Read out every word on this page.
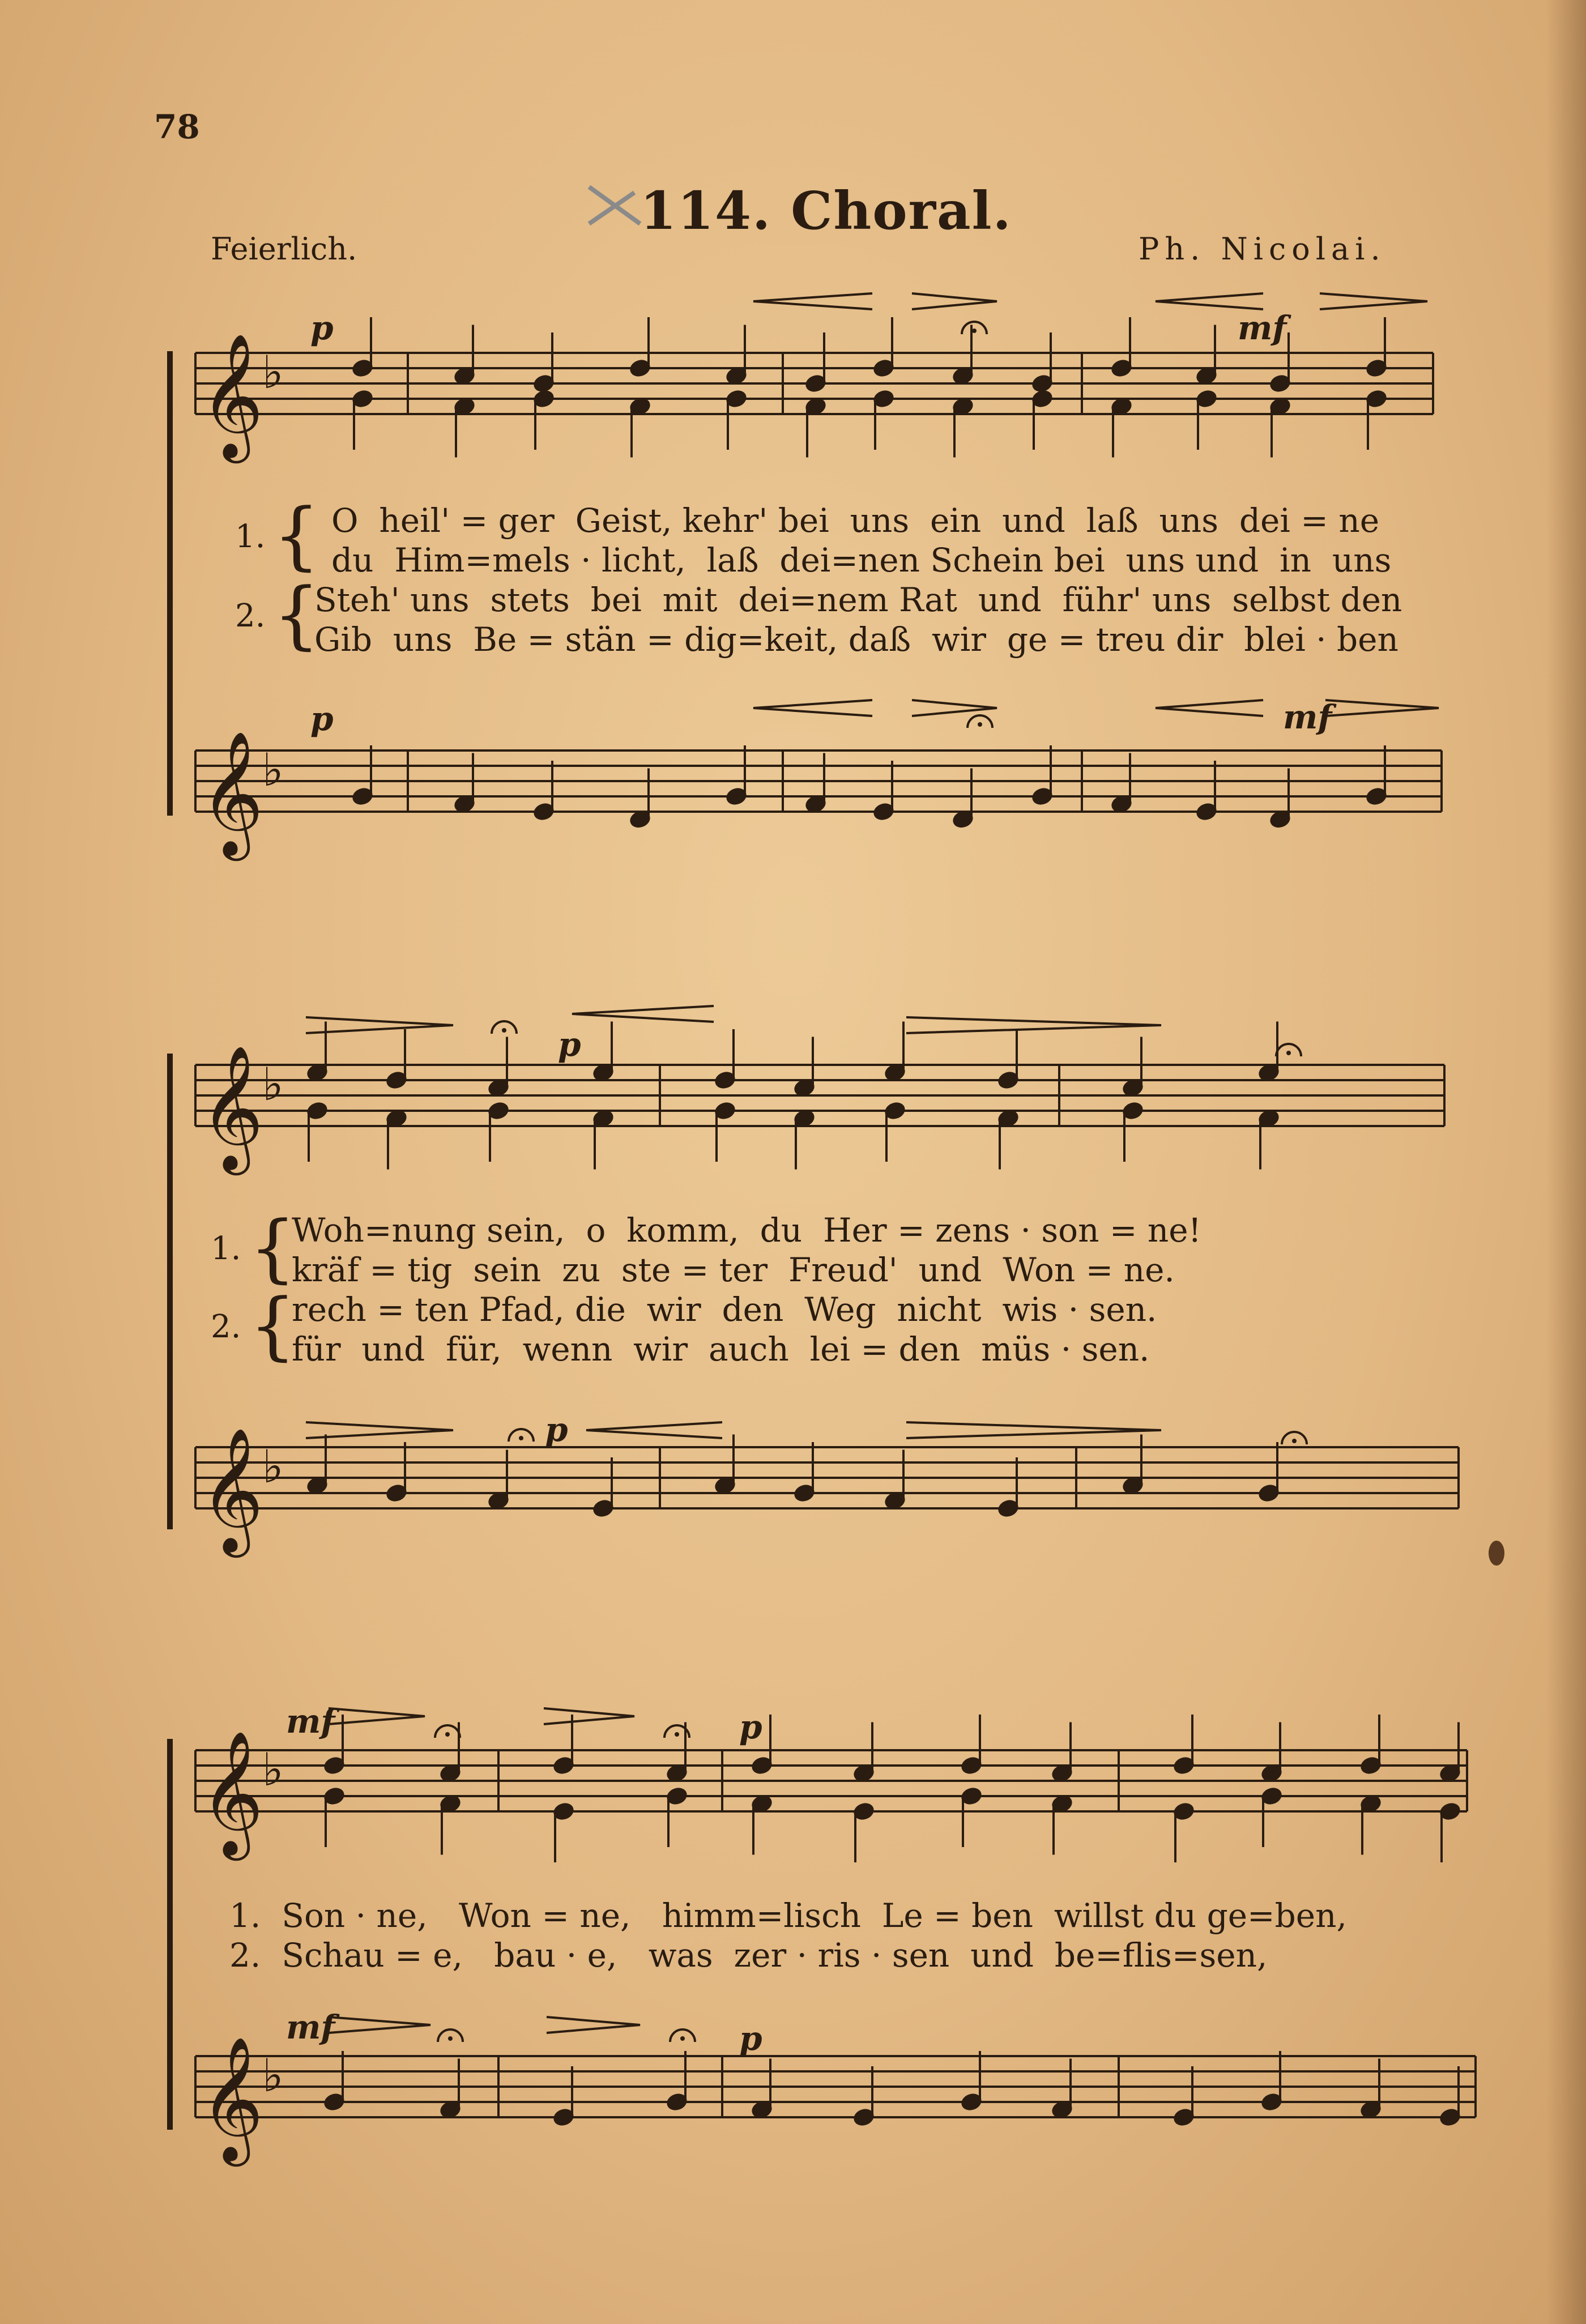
78
114. Choral.
Feierlich.	Ph. Nicolai.
𝄞
♭
𝄞
♭
𝄞
♭
𝄞
♭
𝄞
♭
𝄞
♭
1. { O  heil' = ger  Geist, kehr' bei  uns  ein  und  laß  uns  dei = ne
du  Him=mels · licht,  laß  dei=nen Schein bei  uns und  in  uns
2. {
Steh' uns  stets  bei  mit  dei=nem Rat  und  führ' uns  selbst den
Gib  uns  Be = stän = dig=keit, daß  wir  ge = treu dir  blei · ben
p	mf
p	mf
1. {
Woh=nung sein,  o  komm,  du  Her = zens · son = ne!
kräf = tig  sein  zu  ste = ter  Freud'  und  Won = ne.
2. {
rech = ten Pfad, die  wir  den  Weg  nicht  wis · sen.
für  und  für,  wenn  wir  auch  lei = den  müs · sen.
p
p
1.  Son · ne,   Won = ne,   himm=lisch  Le = ben  willst du ge=ben,
2.  Schau = e,   bau · e,   was  zer · ris · sen  und  be=flis=sen,
mf	p
mf	p
